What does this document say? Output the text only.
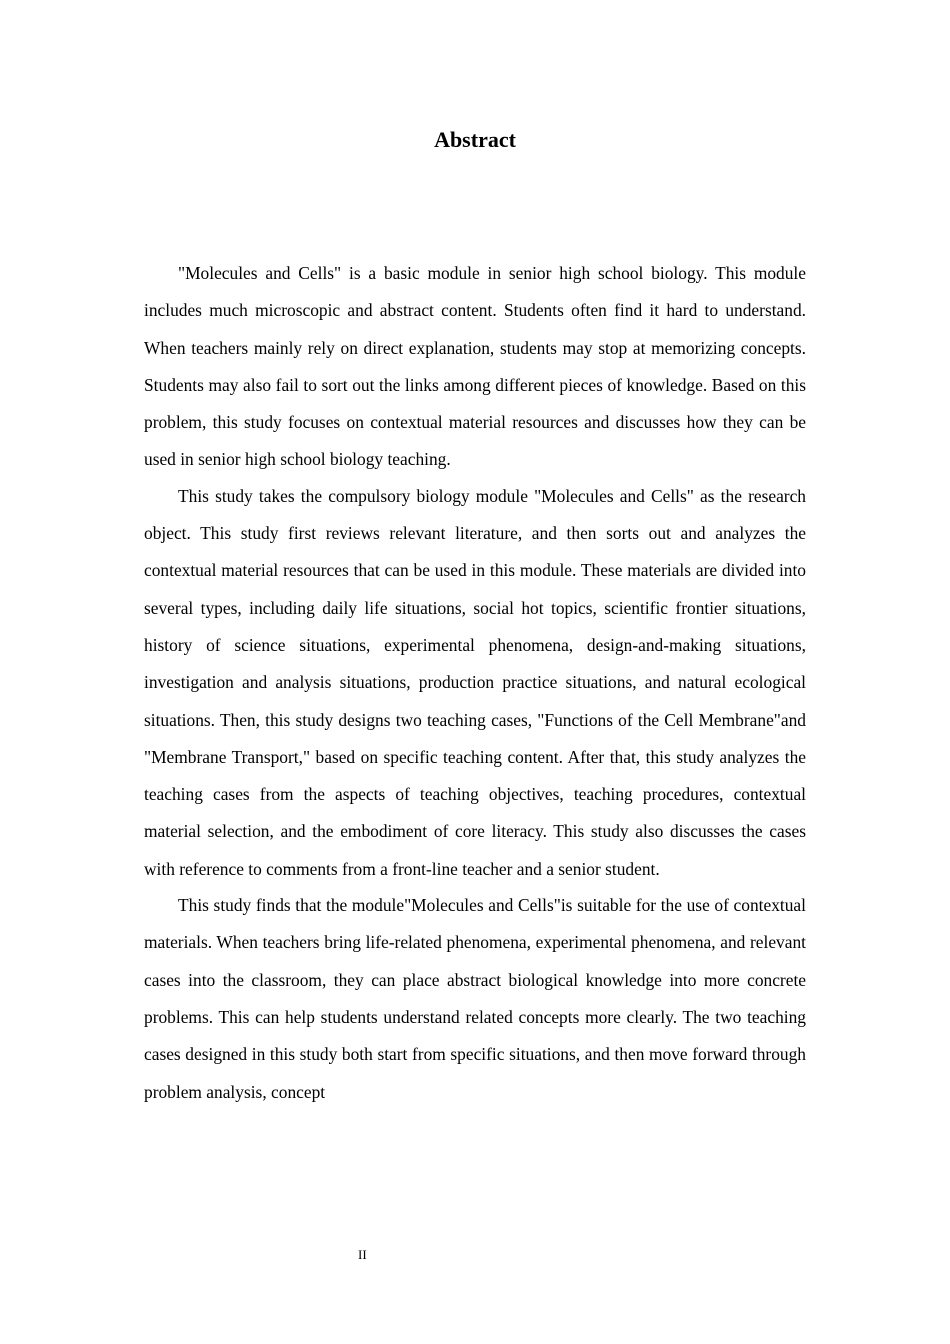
Abstract

"Molecules and Cells" is a basic module in senior high school biology. This module includes much microscopic and abstract content. Students often find it hard to understand. When teachers mainly rely on direct explanation, students may stop at memorizing concepts. Students may also fail to sort out the links among different pieces of knowledge. Based on this problem, this study focuses on contextual material resources and discusses how they can be used in senior high school biology teaching.

This study takes the compulsory biology module "Molecules and Cells" as the research object. This study first reviews relevant literature, and then sorts out and analyzes the contextual material resources that can be used in this module. These materials are divided into several types, including daily life situations, social hot topics, scientific frontier situations, history of science situations, experimental phenomena, design-and-making situations, investigation and analysis situations, production practice situations, and natural ecological situations. Then, this study designs two teaching cases, "Functions of the Cell Membrane"and "Membrane Transport," based on specific teaching content. After that, this study analyzes the teaching cases from the aspects of teaching objectives, teaching procedures, contextual material selection, and the embodiment of core literacy. This study also discusses the cases with reference to comments from a front-line teacher and a senior student.

This study finds that the module"Molecules and Cells"is suitable for the use of contextual materials. When teachers bring life-related phenomena, experimental phenomena, and relevant cases into the classroom, they can place abstract biological knowledge into more concrete problems. This can help students understand related concepts more clearly. The two teaching cases designed in this study both start from specific situations, and then move forward through problem analysis, concept

II
